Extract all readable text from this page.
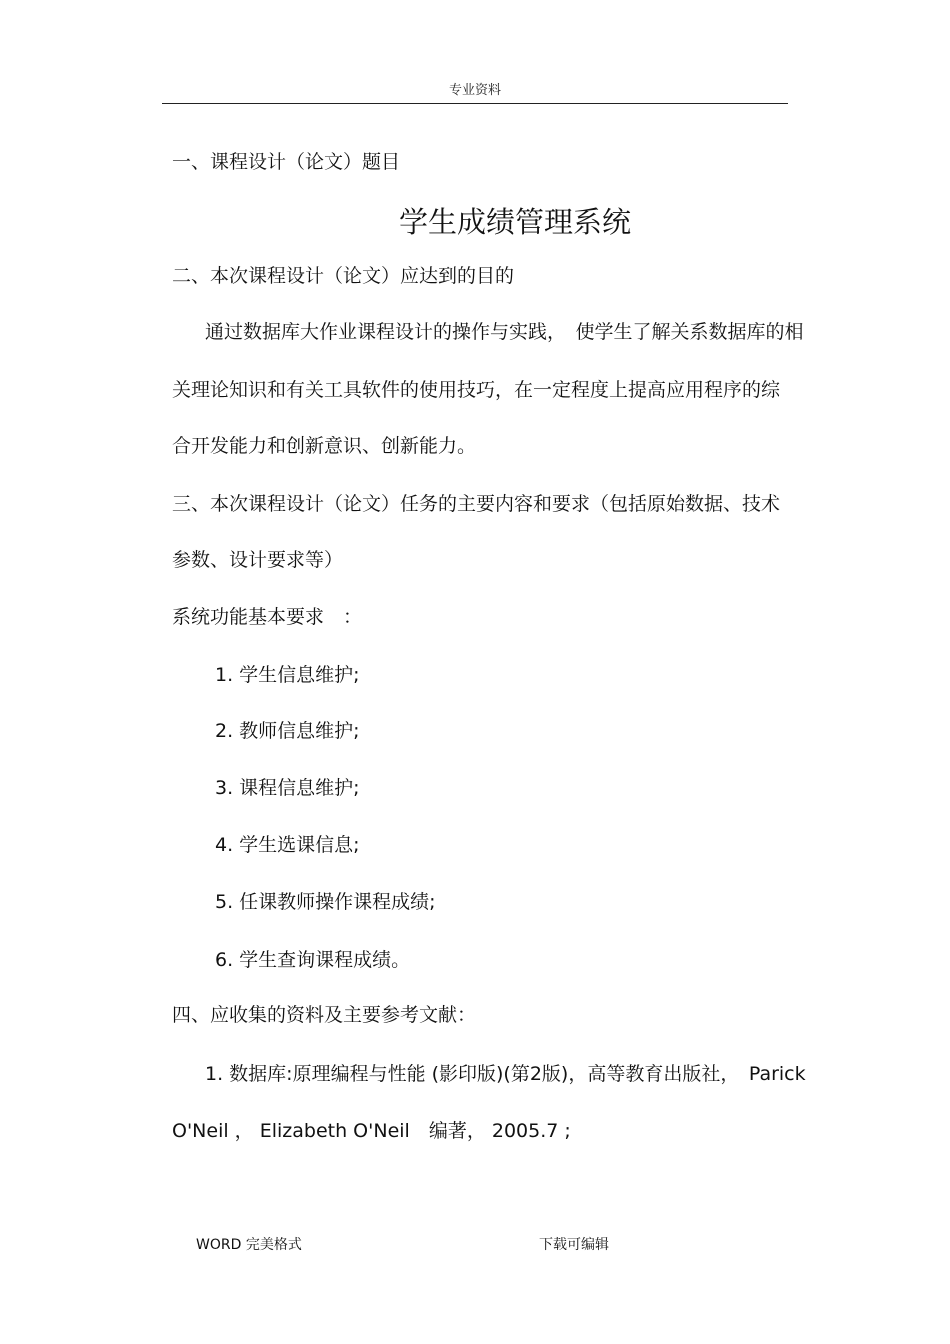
专业资料
一、课程设计（论文）题目
学生成绩管理系统
二、本次课程设计（论文）应达到的目的
通过数据库大作业课程设计的操作与实践，　使学生了解关系数据库的相
关理论知识和有关工具软件的使用技巧，在一定程度上提高应用程序的综
合开发能力和创新意识、创新能力。
三、本次课程设计（论文）任务的主要内容和要求（包括原始数据、技术
参数、设计要求等）
系统功能基本要求　：
1. 学生信息维护;
2. 教师信息维护;
3. 课程信息维护;
4. 学生选课信息;
5. 任课教师操作课程成绩;
6. 学生查询课程成绩。
四、应收集的资料及主要参考文献：
1. 数据库:原理编程与性能 (影印版)(第2版)，高等教育出版社，　Parick
O'Neil ， Elizabeth O'Neil　编著， 2005.7 ;
WORD 完美格式	下载可编辑
